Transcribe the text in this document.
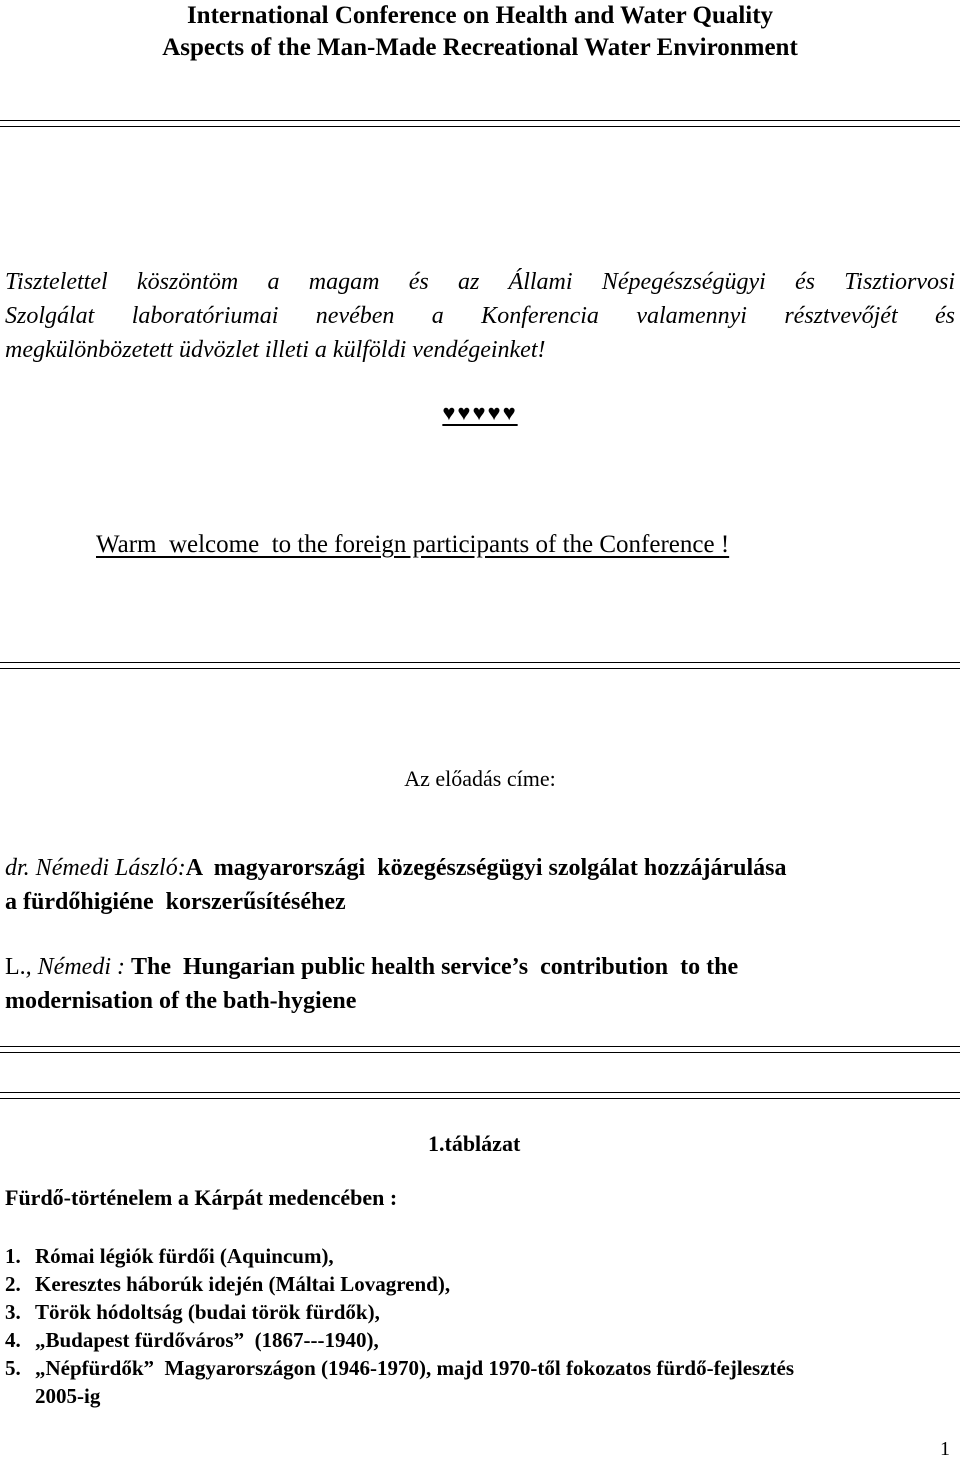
International Conference on Health and Water Quality
Aspects of the Man-Made Recreational Water Environment
Tisztelettel köszöntöm a magam és az Állami Népegészségügyi és Tisztiorvosi
Szolgálat laboratóriumai nevében a Konferencia valamennyi résztvevőjét és
megkülönbözetett üdvözlet illeti a külföldi vendégeinket!
♥♥♥♥♥
Warm  welcome  to the foreign participants of the Conference !
Az előadás címe:
dr. Némedi László:A  magyarországi  közegészségügyi szolgálat hozzájárulása
a fürdőhigiéne  korszerűsítéséhez
L., Némedi : The  Hungarian public health service’s  contribution  to the
modernisation of the bath-hygiene
1.táblázat
Fürdő-történelem a Kárpát medencében :
1. Római légiók fürdői (Aquincum),
2. Keresztes háborúk idején (Máltai Lovagrend),
3. Török hódoltság (budai török fürdők),
4. „Budapest fürdőváros”  (1867---1940),
5. „Népfürdők”  Magyarországon (1946-1970), majd 1970-től fokozatos fürdő-fejlesztés
2005-ig
1
